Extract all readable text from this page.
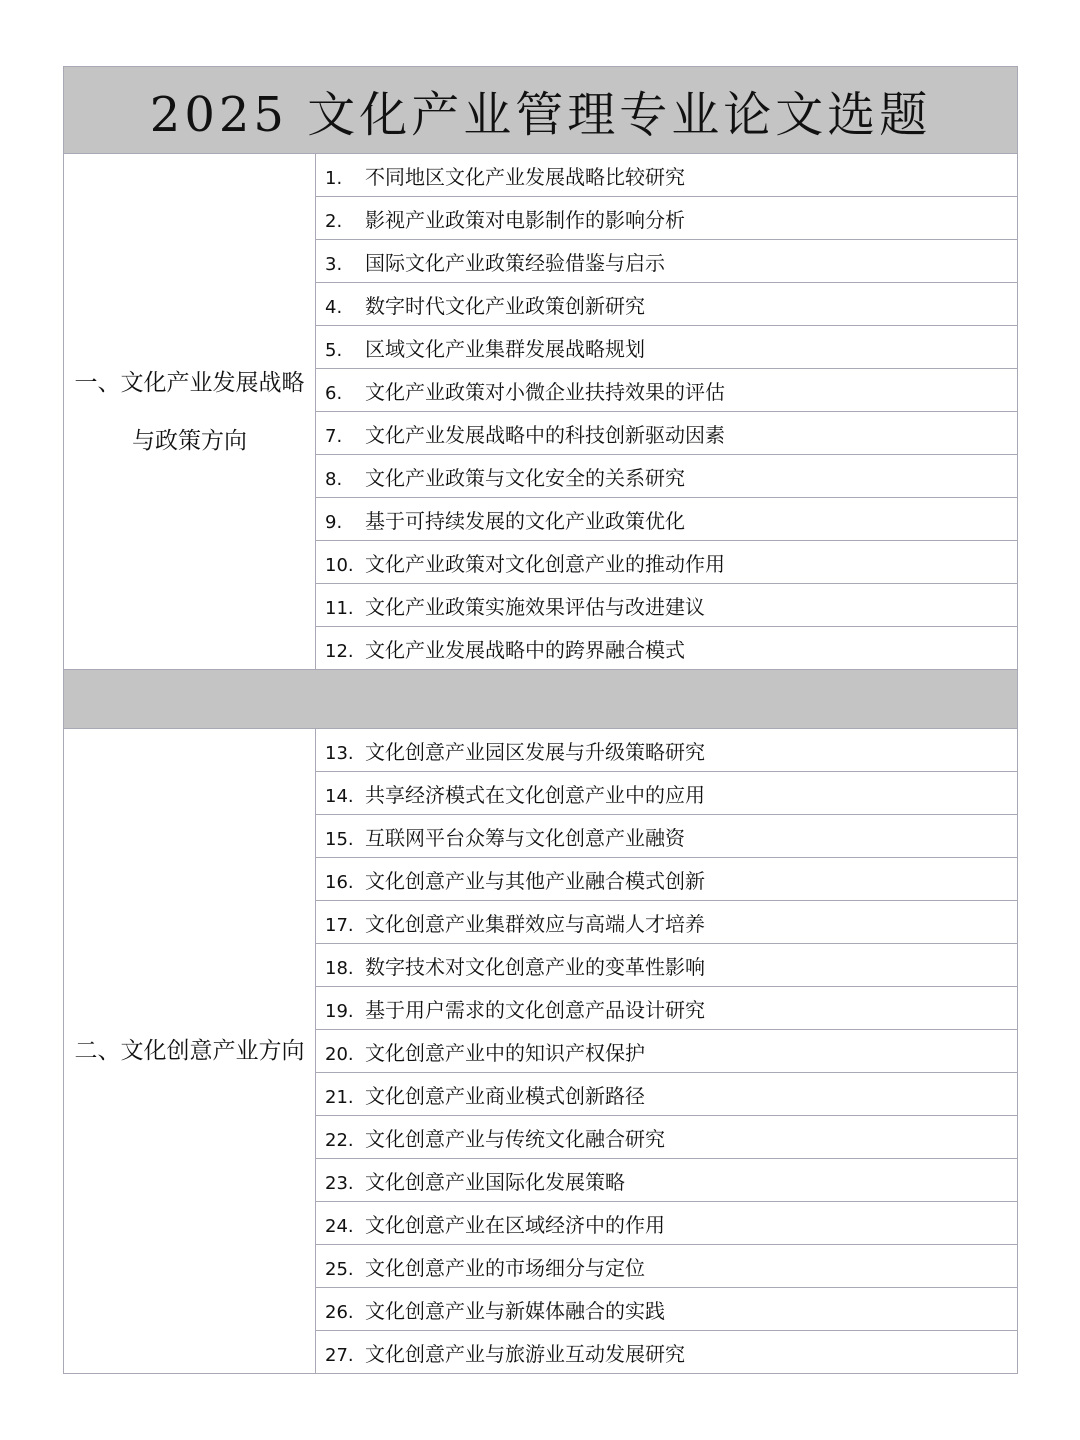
2025 文化产业管理专业论文选题	
一、文化产业发展战略与政策方向	1. 不同地区文化产业发展战略比较研究
	2. 影视产业政策对电影制作的影响分析
	3. 国际文化产业政策经验借鉴与启示
	4. 数字时代文化产业政策创新研究
	5. 区域文化产业集群发展战略规划
	6. 文化产业政策对小微企业扶持效果的评估
	7. 文化产业发展战略中的科技创新驱动因素
	8. 文化产业政策与文化安全的关系研究
	9. 基于可持续发展的文化产业政策优化
	10. 文化产业政策对文化创意产业的推动作用
	11. 文化产业政策实施效果评估与改进建议
	12. 文化产业发展战略中的跨界融合模式

二、文化创意产业方向	13. 文化创意产业园区发展与升级策略研究
	14. 共享经济模式在文化创意产业中的应用
	15. 互联网平台众筹与文化创意产业融资
	16. 文化创意产业与其他产业融合模式创新
	17. 文化创意产业集群效应与高端人才培养
	18. 数字技术对文化创意产业的变革性影响
	19. 基于用户需求的文化创意产品设计研究
	20. 文化创意产业中的知识产权保护
	21. 文化创意产业商业模式创新路径
	22. 文化创意产业与传统文化融合研究
	23. 文化创意产业国际化发展策略
	24. 文化创意产业在区域经济中的作用
	25. 文化创意产业的市场细分与定位
	26. 文化创意产业与新媒体融合的实践
	27. 文化创意产业与旅游业互动发展研究
